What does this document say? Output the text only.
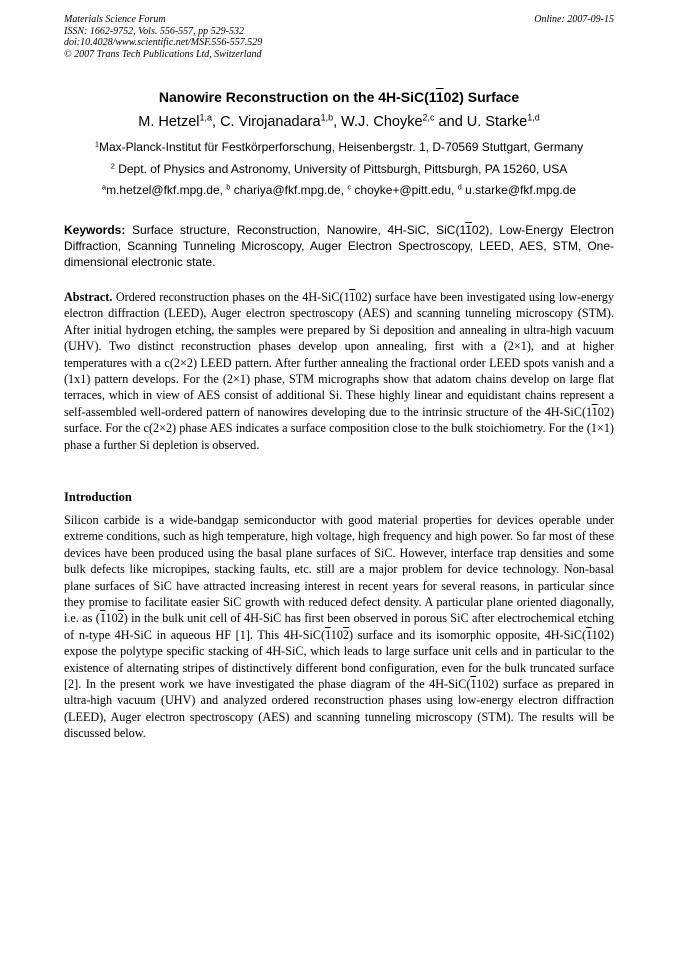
Materials Science Forum
ISSN: 1662-9752, Vols. 556-557, pp 529-532
doi:10.4028/www.scientific.net/MSF.556-557.529
© 2007 Trans Tech Publications Ltd, Switzerland
Online: 2007-09-15
Nanowire Reconstruction on the 4H-SiC(1102) Surface
M. Hetzel$^{1,a}$, C. Virojanadara$^{1,b}$, W.J. Choyke$^{2,c}$ and U. Starke$^{1,d}$
$^1$Max-Planck-Institut für Festkörperforschung, Heisenbergstr. 1, D-70569 Stuttgart, Germany
$^2$ Dept. of Physics and Astronomy, University of Pittsburgh, Pittsburgh, PA 15260, USA
$^a$m.hetzel@fkf.mpg.de, $^b$ chariya@fkf.mpg.de, $^c$ choyke+@pitt.edu, $^d$ u.starke@fkf.mpg.de
Keywords: Surface structure, Reconstruction, Nanowire, 4H-SiC, SiC(1102), Low-Energy Electron Diffraction, Scanning Tunneling Microscopy, Auger Electron Spectroscopy, LEED, AES, STM, One-dimensional electronic state.
Abstract. Ordered reconstruction phases on the 4H-SiC(1102) surface have been investigated using low-energy electron diffraction (LEED), Auger electron spectroscopy (AES) and scanning tunneling microscopy (STM). After initial hydrogen etching, the samples were prepared by Si deposition and annealing in ultra-high vacuum (UHV). Two distinct reconstruction phases develop upon annealing, first with a (2×1), and at higher temperatures with a c(2×2) LEED pattern. After further annealing the fractional order LEED spots vanish and a (1x1) pattern develops. For the (2×1) phase, STM micrographs show that adatom chains develop on large flat terraces, which in view of AES consist of additional Si. These highly linear and equidistant chains represent a self-assembled well-ordered pattern of nanowires developing due to the intrinsic structure of the 4H-SiC(1102) surface. For the c(2×2) phase AES indicates a surface composition close to the bulk stoichiometry. For the (1×1) phase a further Si depletion is observed.
Introduction
Silicon carbide is a wide-bandgap semiconductor with good material properties for devices operable under extreme conditions, such as high temperature, high voltage, high frequency and high power. So far most of these devices have been produced using the basal plane surfaces of SiC. However, interface trap densities and some bulk defects like micropipes, stacking faults, etc. still are a major problem for device technology. Non-basal plane surfaces of SiC have attracted increasing interest in recent years for several reasons, in particular since they promise to facilitate easier SiC growth with reduced defect density. A particular plane oriented diagonally, i.e. as (1102) in the bulk unit cell of 4H-SiC has first been observed in porous SiC after electrochemical etching of n-type 4H-SiC in aqueous HF [1]. This 4H-SiC(1102) surface and its isomorphic opposite, 4H-SiC(1102) expose the polytype specific stacking of 4H-SiC, which leads to large surface unit cells and in particular to the existence of alternating stripes of distinctively different bond configuration, even for the bulk truncated surface [2]. In the present work we have investigated the phase diagram of the 4H-SiC(1102) surface as prepared in ultra-high vacuum (UHV) and analyzed ordered reconstruction phases using low-energy electron diffraction (LEED), Auger electron spectroscopy (AES) and scanning tunneling microscopy (STM). The results will be discussed below.
